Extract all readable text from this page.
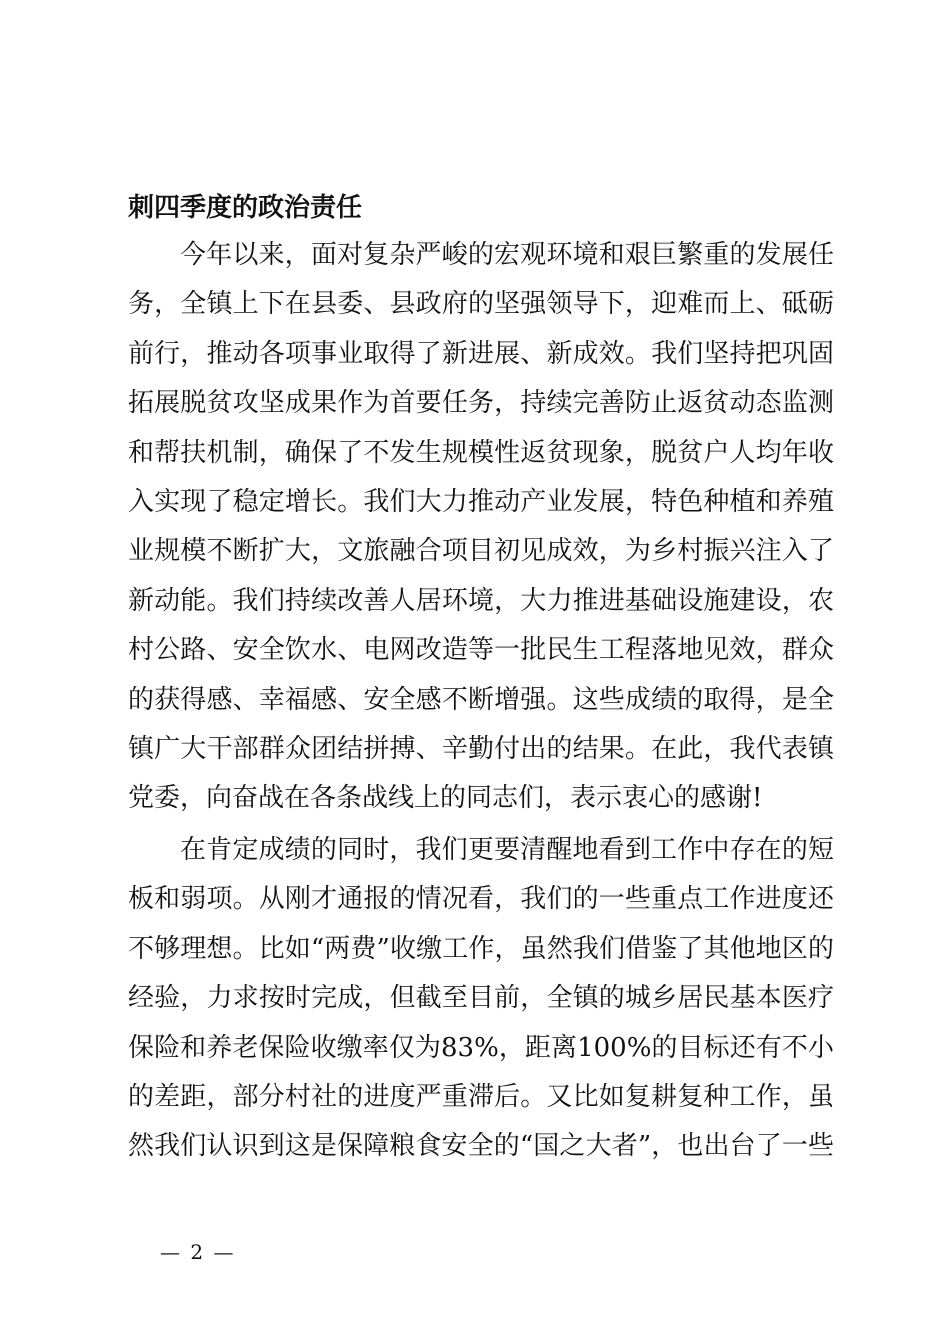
刺四季度的政治责任
今年以来，面对复杂严峻的宏观环境和艰巨繁重的发展任
务，全镇上下在县委、县政府的坚强领导下，迎难而上、砥砺
前行，推动各项事业取得了新进展、新成效。我们坚持把巩固
拓展脱贫攻坚成果作为首要任务，持续完善防止返贫动态监测
和帮扶机制，确保了不发生规模性返贫现象，脱贫户人均年收
入实现了稳定增长。我们大力推动产业发展，特色种植和养殖
业规模不断扩大，文旅融合项目初见成效，为乡村振兴注入了
新动能。我们持续改善人居环境，大力推进基础设施建设，农
村公路、安全饮水、电网改造等一批民生工程落地见效，群众
的获得感、幸福感、安全感不断增强。这些成绩的取得，是全
镇广大干部群众团结拼搏、辛勤付出的结果。在此，我代表镇
党委，向奋战在各条战线上的同志们，表示衷心的感谢!
在肯定成绩的同时，我们更要清醒地看到工作中存在的短
板和弱项。从刚才通报的情况看，我们的一些重点工作进度还
不够理想。比如“两费”收缴工作，虽然我们借鉴了其他地区的
经验，力求按时完成，但截至目前，全镇的城乡居民基本医疗
保险和养老保险收缴率仅为83%，距离100%的目标还有不小
的差距，部分村社的进度严重滞后。又比如复耕复种工作，虽
然我们认识到这是保障粮食安全的“国之大者”，也出台了一些
— 2 —
